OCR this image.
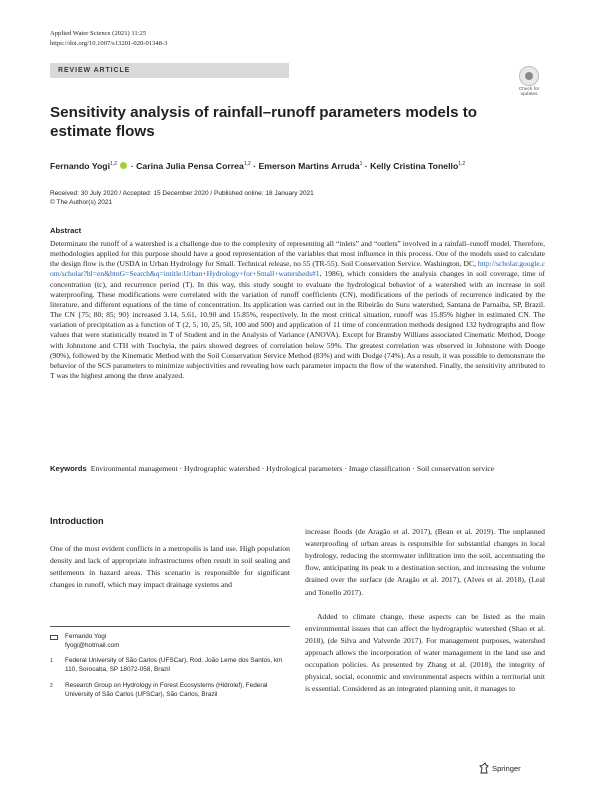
Applied Water Science (2021) 11:25
https://doi.org/10.1007/s13201-020-01348-3
REVIEW ARTICLE
Check for
updates
Sensitivity analysis of rainfall–runoff parameters models to estimate flows
Fernando Yogi$^{1,2}$  · Carina Julia Pensa Correa$^{1,2}$ · Emerson Martins Arruda$^1$ · Kelly Cristina Tonello$^{1,2}$
Received: 30 July 2020 / Accepted: 15 December 2020 / Published online: 18 January 2021
© The Author(s) 2021
Abstract
Determinate the runoff of a watershed is a challenge due to the complexity of representing all “inlets” and “outlets” involved in a rainfall–runoff model. Therefore, methodologies applied for this purpose should have a good representation of the variables that most influence in this process. One of the models used to calculate the design flow is the (USDA in Urban Hydrology for Small. Technical release, no 55 (TR-55). Soil Conservation Service. Washington, DC, http://scholar.google.com/scholar?hl=en&btnG=Search&q=intitle:Urban+Hydrology+for+Small+watersheds#1, 1986), which considers the analysis changes in soil coverage, time of concentration (tc), and recurrence period (T). In this way, this study sought to evaluate the hydrological behavior of a watershed with an increase in soil waterproofing. These modifications were correlated with the variation of runoff coefficients (CN), modifications of the periods of recurrence indicated by the literature, and different equations of the time of concentration. Its application was carried out in the Ribeirão do Suru watershed, Santana de Parnaíba, SP, Brazil. The CN {75; 80; 85; 90} increased 3.14, 5.61, 10.90 and 15.85%, respectively. In the most critical situation, runoff was 15.85% higher in estimated CN. The variation of precipitation as a function of T (2, 5, 10, 25, 50, 100 and 500) and application of 11 time of concentration methods designed 132 hydrographs and flow values that were statistically treated in T of Student and in the Analysis of Variance (ANOVA). Except for Bransby Willians associated Cinematic Method, Dooge with Johnstone and CTH with Tsuchyia, the pairs showed degrees of correlation below 59%. The greatest correlation was observed in Johnstone with Dooge (90%), followed by the Kinematic Method with the Soil Conservation Service Method (83%) and with Dodge (74%). As a result, it was possible to demonstrate the behavior of the SCS parameters to minimize subjectivities and revealing how each parameter impacts the flow of the watershed. Finally, the sensitivity attributed to T was the highest among the three analyzed.
Keywords Environmental management · Hydrographic watershed · Hydrological parameters · Image classification · Soil conservation service
Introduction
One of the most evident conflicts in a metropolis is land use. High population density and lack of appropriate infrastructures often result in soil sealing and settlements in hazard areas. This scenario is responsible for significant changes in runoff, which may impact drainage systems and

increase floods (de Aragão et al. 2017), (Bean et al. 2019). The unplanned waterproofing of urban areas is responsible for substantial changes in local hydrology, reducing the stormwater infiltration into the soil, accentuating the flow, anticipating its peak to a destination section, and increasing the volume drained over the surface (de Aragão et al. 2017), (Alves et al. 2018), (Leal and Tonello 2017).

Added to climate change, these aspects can be listed as the main environmental issues that can affect the hydrographic watershed (Shao et al. 2018), (de Silva and Valverde 2017). For management purposes, watershed approach allows the incorporation of water management in the land use and occupation policies. As presented by Zhang et al. (2018), the integrity of physical, social, economic and environmental aspects within a territorial unit is essential. Considered as an integrated planning unit, it manages to

Fernando Yogi
fyogi@hotmail.com
1 Federal University of São Carlos (UFSCar), Rod. João Leme dos Santos, km 110, Sorocaba, SP 18072-058, Brazil
2 Research Group on Hydrology in Forest Ecosystems (Hidrolef), Federal University of São Carlos (UFSCar), São Carlos, Brazil
Springer
